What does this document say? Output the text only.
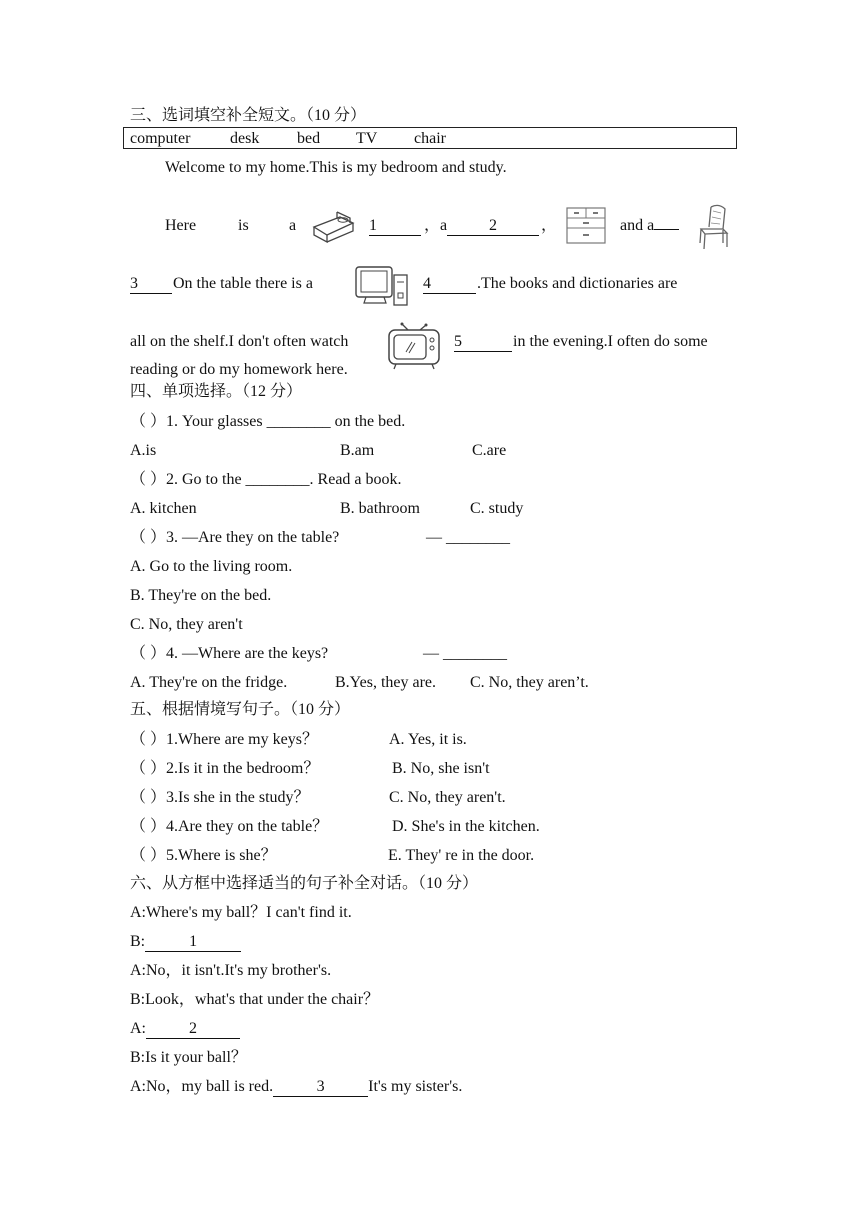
三、选词填空补全短文。（10 分）
computer desk bed TV chair
Welcome to my home.This is my bedroom and study.
Here	is	a	1	，a	2	，	and a
3	On the table there is a	4	.The books and dictionaries are
all on the shelf.I don't often watch	5	in the evening.I often do some
reading or do my homework here.
四、单项选择。（12 分）
（ ）1. Your glasses ________ on the bed.
A.is	B.am	C.are
（ ）2. Go to the ________. Read a book.
A. kitchen	B. bathroom	C. study
（ ）3. —Are they on the table?	— ________
A. Go to the living room.
B. They're on the bed.
C. No, they aren't
（ ）4. —Where are the keys?	— ________
A. They're on the fridge.	B.Yes, they are. C. No, they aren’t.
五、根据情境写句子。（10 分）
（ ）1.Where are my keys？	A. Yes, it is.
（ ）2.Is it in the bedroom？	B. No, she isn't
（ ）3.Is she in the study？	C. No, they aren't.
（ ）4.Are they on the table？	D. She's in the kitchen.
（ ）5.Where is she？	E. They' re in the door.
六、从方框中选择适当的句子补全对话。（10 分）
A:Where's my ball？I can't find it.
B:	1
A:No，it isn't.It's my brother's.
B:Look，what's that under the chair？
A:	2
B:Is it your ball？
A:No，my ball is red.	3	It's my sister's.
